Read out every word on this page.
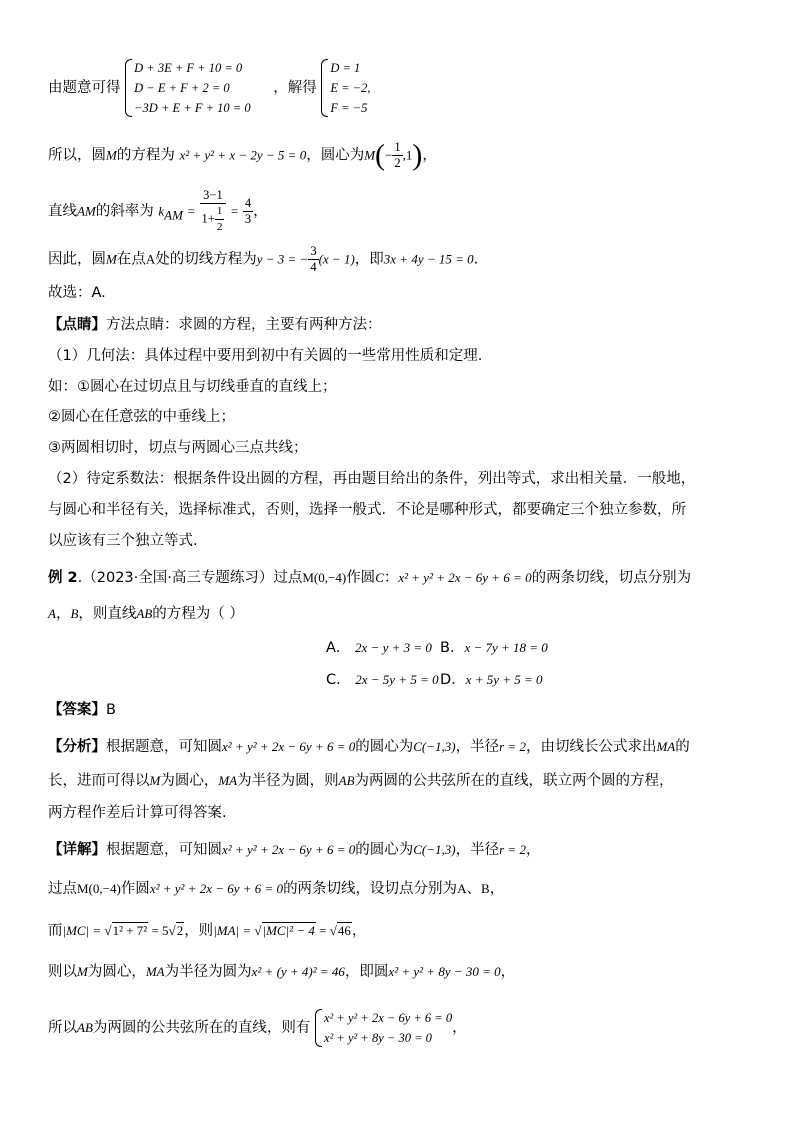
由题意可得
D + 3E + F + 10 = 0
D − E + F + 2 = 0
−3D + E + F + 10 = 0
，解得
D = 1
E = −2,
F = −5
所以，圆M的方程为 x² + y² + x − 2y − 5 = 0，圆心为$M(- \frac{1}{2} ,1)$，
直线AM的斜率为 $k_{AM} = \frac{3-1}{1+ \frac{1}{2}} = \frac{4}{3}$ ，
因此，圆M在点A处的切线方程为y − 3 = − $\frac{3}{4} (x - 1)$，即3x + 4y − 15 = 0.
故选：A.
【点睛】方法点睛：求圆的方程，主要有两种方法：
（1）几何法：具体过程中要用到初中有关圆的一些常用性质和定理.
如：①圆心在过切点且与切线垂直的直线上；
②圆心在任意弦的中垂线上；
③两圆相切时，切点与两圆心三点共线；
（2）待定系数法：根据条件设出圆的方程，再由题目给出的条件，列出等式，求出相关量．一般地，
与圆心和半径有关，选择标准式，否则，选择一般式．不论是哪种形式，都要确定三个独立参数，所
以应该有三个独立等式.
例 2.（2023·全国·高三专题练习）过点M(0,−4)作圆C：x² + y² + 2x − 6y + 6 = 0的两条切线，切点分别为
A，B，则直线AB的方程为（ ）
A． 2x − y + 3 = 0 B．x − 7y + 18 = 0
C． 2x − 5y + 5 = 0 D．x + 5y + 5 = 0
【答案】B
【分析】根据题意，可知圆x² + y² + 2x − 6y + 6 = 0的圆心为C(−1,3)，半径r = 2，由切线长公式求出MA的
长，进而可得以M为圆心，MA为半径为圆，则AB为两圆的公共弦所在的直线，联立两个圆的方程，
两方程作差后计算可得答案.
【详解】根据题意，可知圆x² + y² + 2x − 6y + 6 = 0的圆心为C(−1,3)，半径r = 2，
过点M(0,−4)作圆x² + y² + 2x − 6y + 6 = 0的两条切线，设切点分别为A、B，
而|MC| = √1² + 7² = 5√2，则|MA| = √|MC|² − 4 = √46，
则以M为圆心，MA为半径为圆为x² + (y + 4)² = 46，即圆x² + y² + 8y − 30 = 0，
所以AB为两圆的公共弦所在的直线，则有
x² + y² + 2x − 6y + 6 = 0
x² + y² + 8y − 30 = 0
，
